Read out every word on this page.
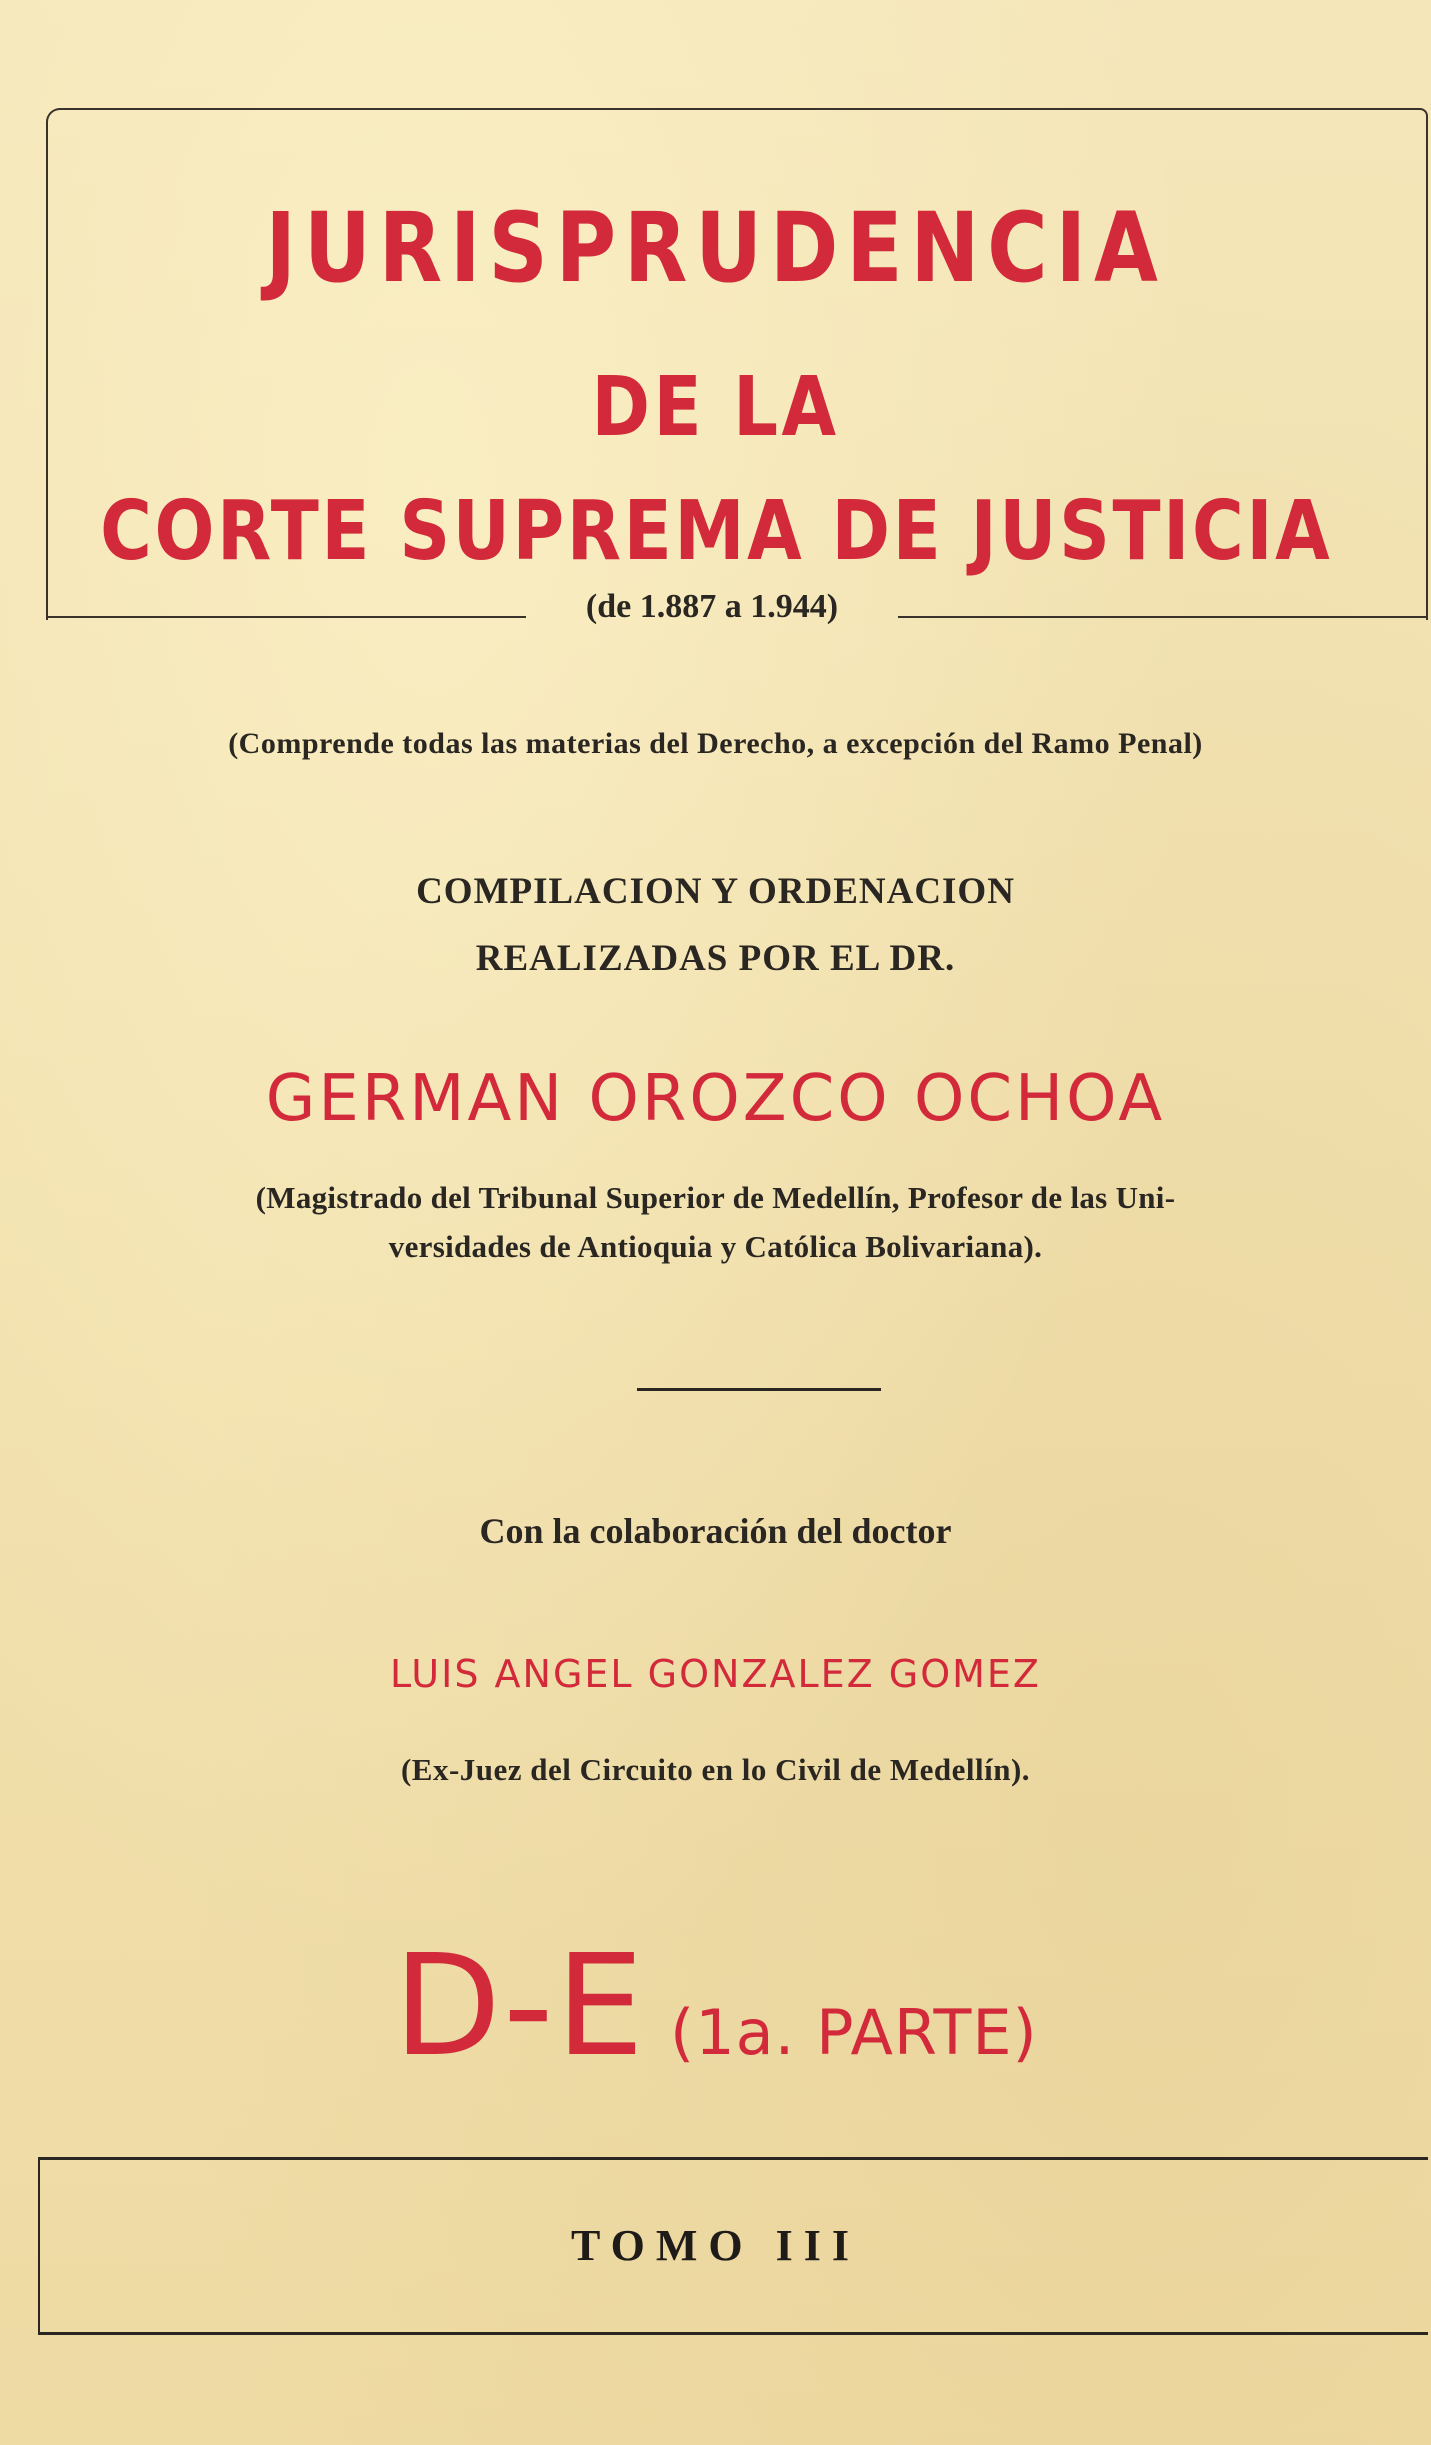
JURISPRUDENCIA
DE LA
CORTE SUPREMA DE JUSTICIA
(de 1.887 a 1.944)
(Comprende todas las materias del Derecho, a excepción del Ramo Penal)
COMPILACION Y ORDENACION
REALIZADAS POR EL DR.
GERMAN OROZCO OCHOA
(Magistrado del Tribunal Superior de Medellín, Profesor de las Uni-
versidades de Antioquia y Católica Bolivariana).
Con la colaboración del doctor
LUIS ANGEL GONZALEZ GOMEZ
(Ex-Juez del Circuito en lo Civil de Medellín).
D-E (1a. PARTE)
TOMO III
